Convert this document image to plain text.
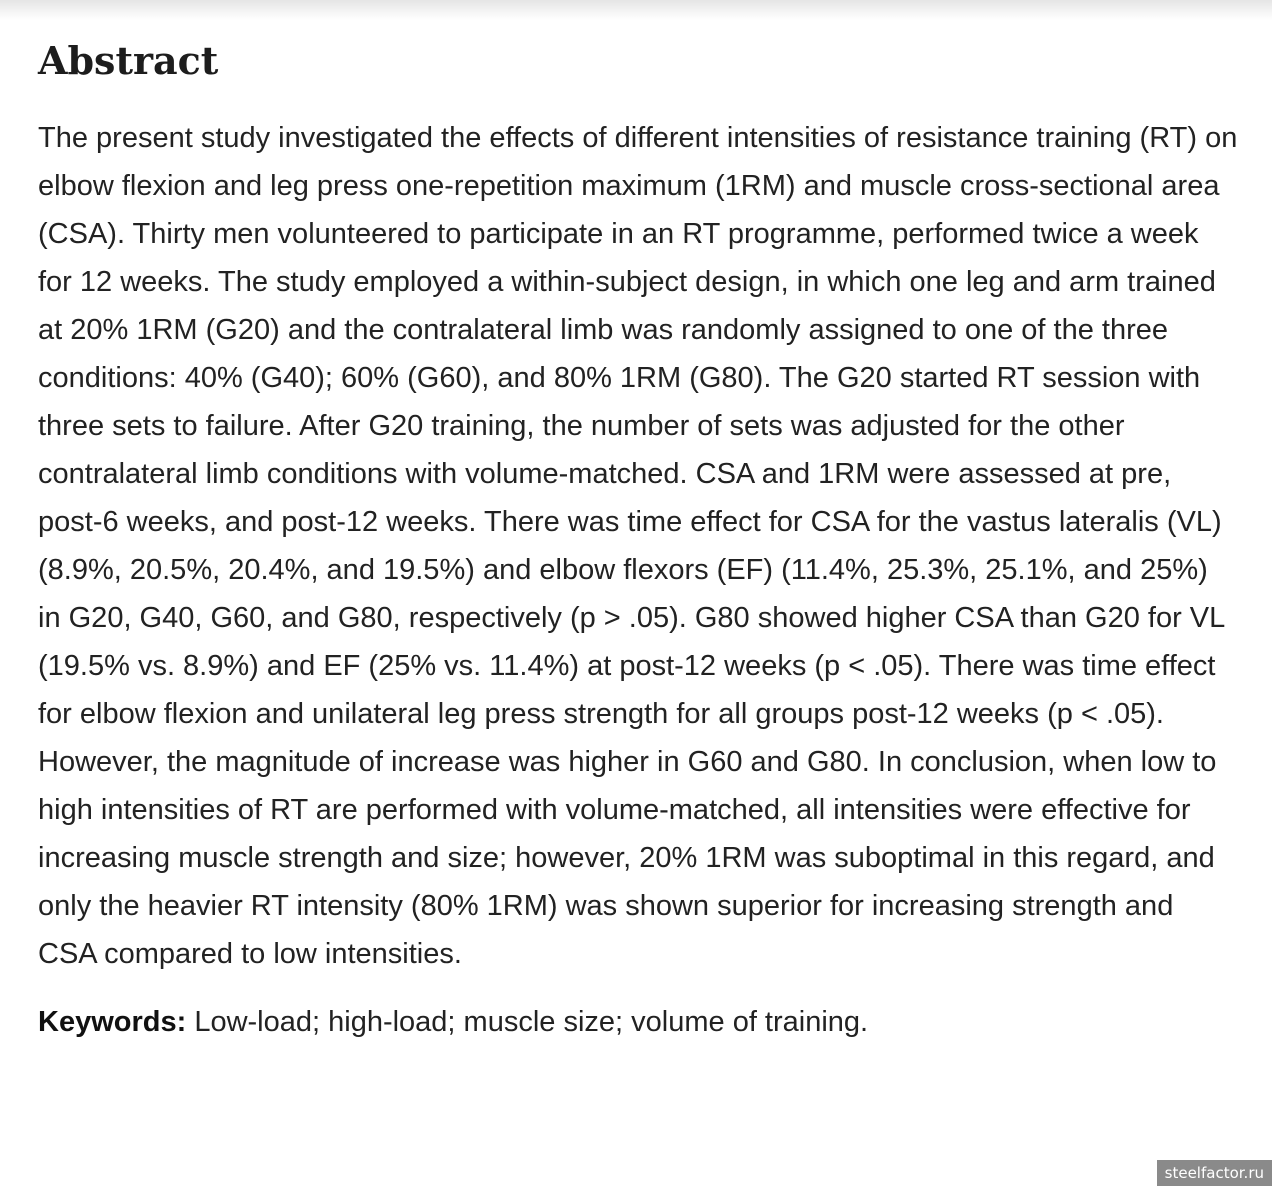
Abstract

The present study investigated the effects of different intensities of resistance training (RT) on elbow flexion and leg press one-repetition maximum (1RM) and muscle cross-sectional area (CSA). Thirty men volunteered to participate in an RT programme, performed twice a week for 12 weeks. The study employed a within-subject design, in which one leg and arm trained at 20% 1RM (G20) and the contralateral limb was randomly assigned to one of the three conditions: 40% (G40); 60% (G60), and 80% 1RM (G80). The G20 started RT session with three sets to failure. After G20 training, the number of sets was adjusted for the other contralateral limb conditions with volume-matched. CSA and 1RM were assessed at pre, post-6 weeks, and post-12 weeks. There was time effect for CSA for the vastus lateralis (VL) (8.9%, 20.5%, 20.4%, and 19.5%) and elbow flexors (EF) (11.4%, 25.3%, 25.1%, and 25%) in G20, G40, G60, and G80, respectively (p > .05). G80 showed higher CSA than G20 for VL (19.5% vs. 8.9%) and EF (25% vs. 11.4%) at post-12 weeks (p < .05). There was time effect for elbow flexion and unilateral leg press strength for all groups post-12 weeks (p < .05). However, the magnitude of increase was higher in G60 and G80. In conclusion, when low to high intensities of RT are performed with volume-matched, all intensities were effective for increasing muscle strength and size; however, 20% 1RM was suboptimal in this regard, and only the heavier RT intensity (80% 1RM) was shown superior for increasing strength and CSA compared to low intensities.

Keywords: Low-load; high-load; muscle size; volume of training.

steelfactor.ru
